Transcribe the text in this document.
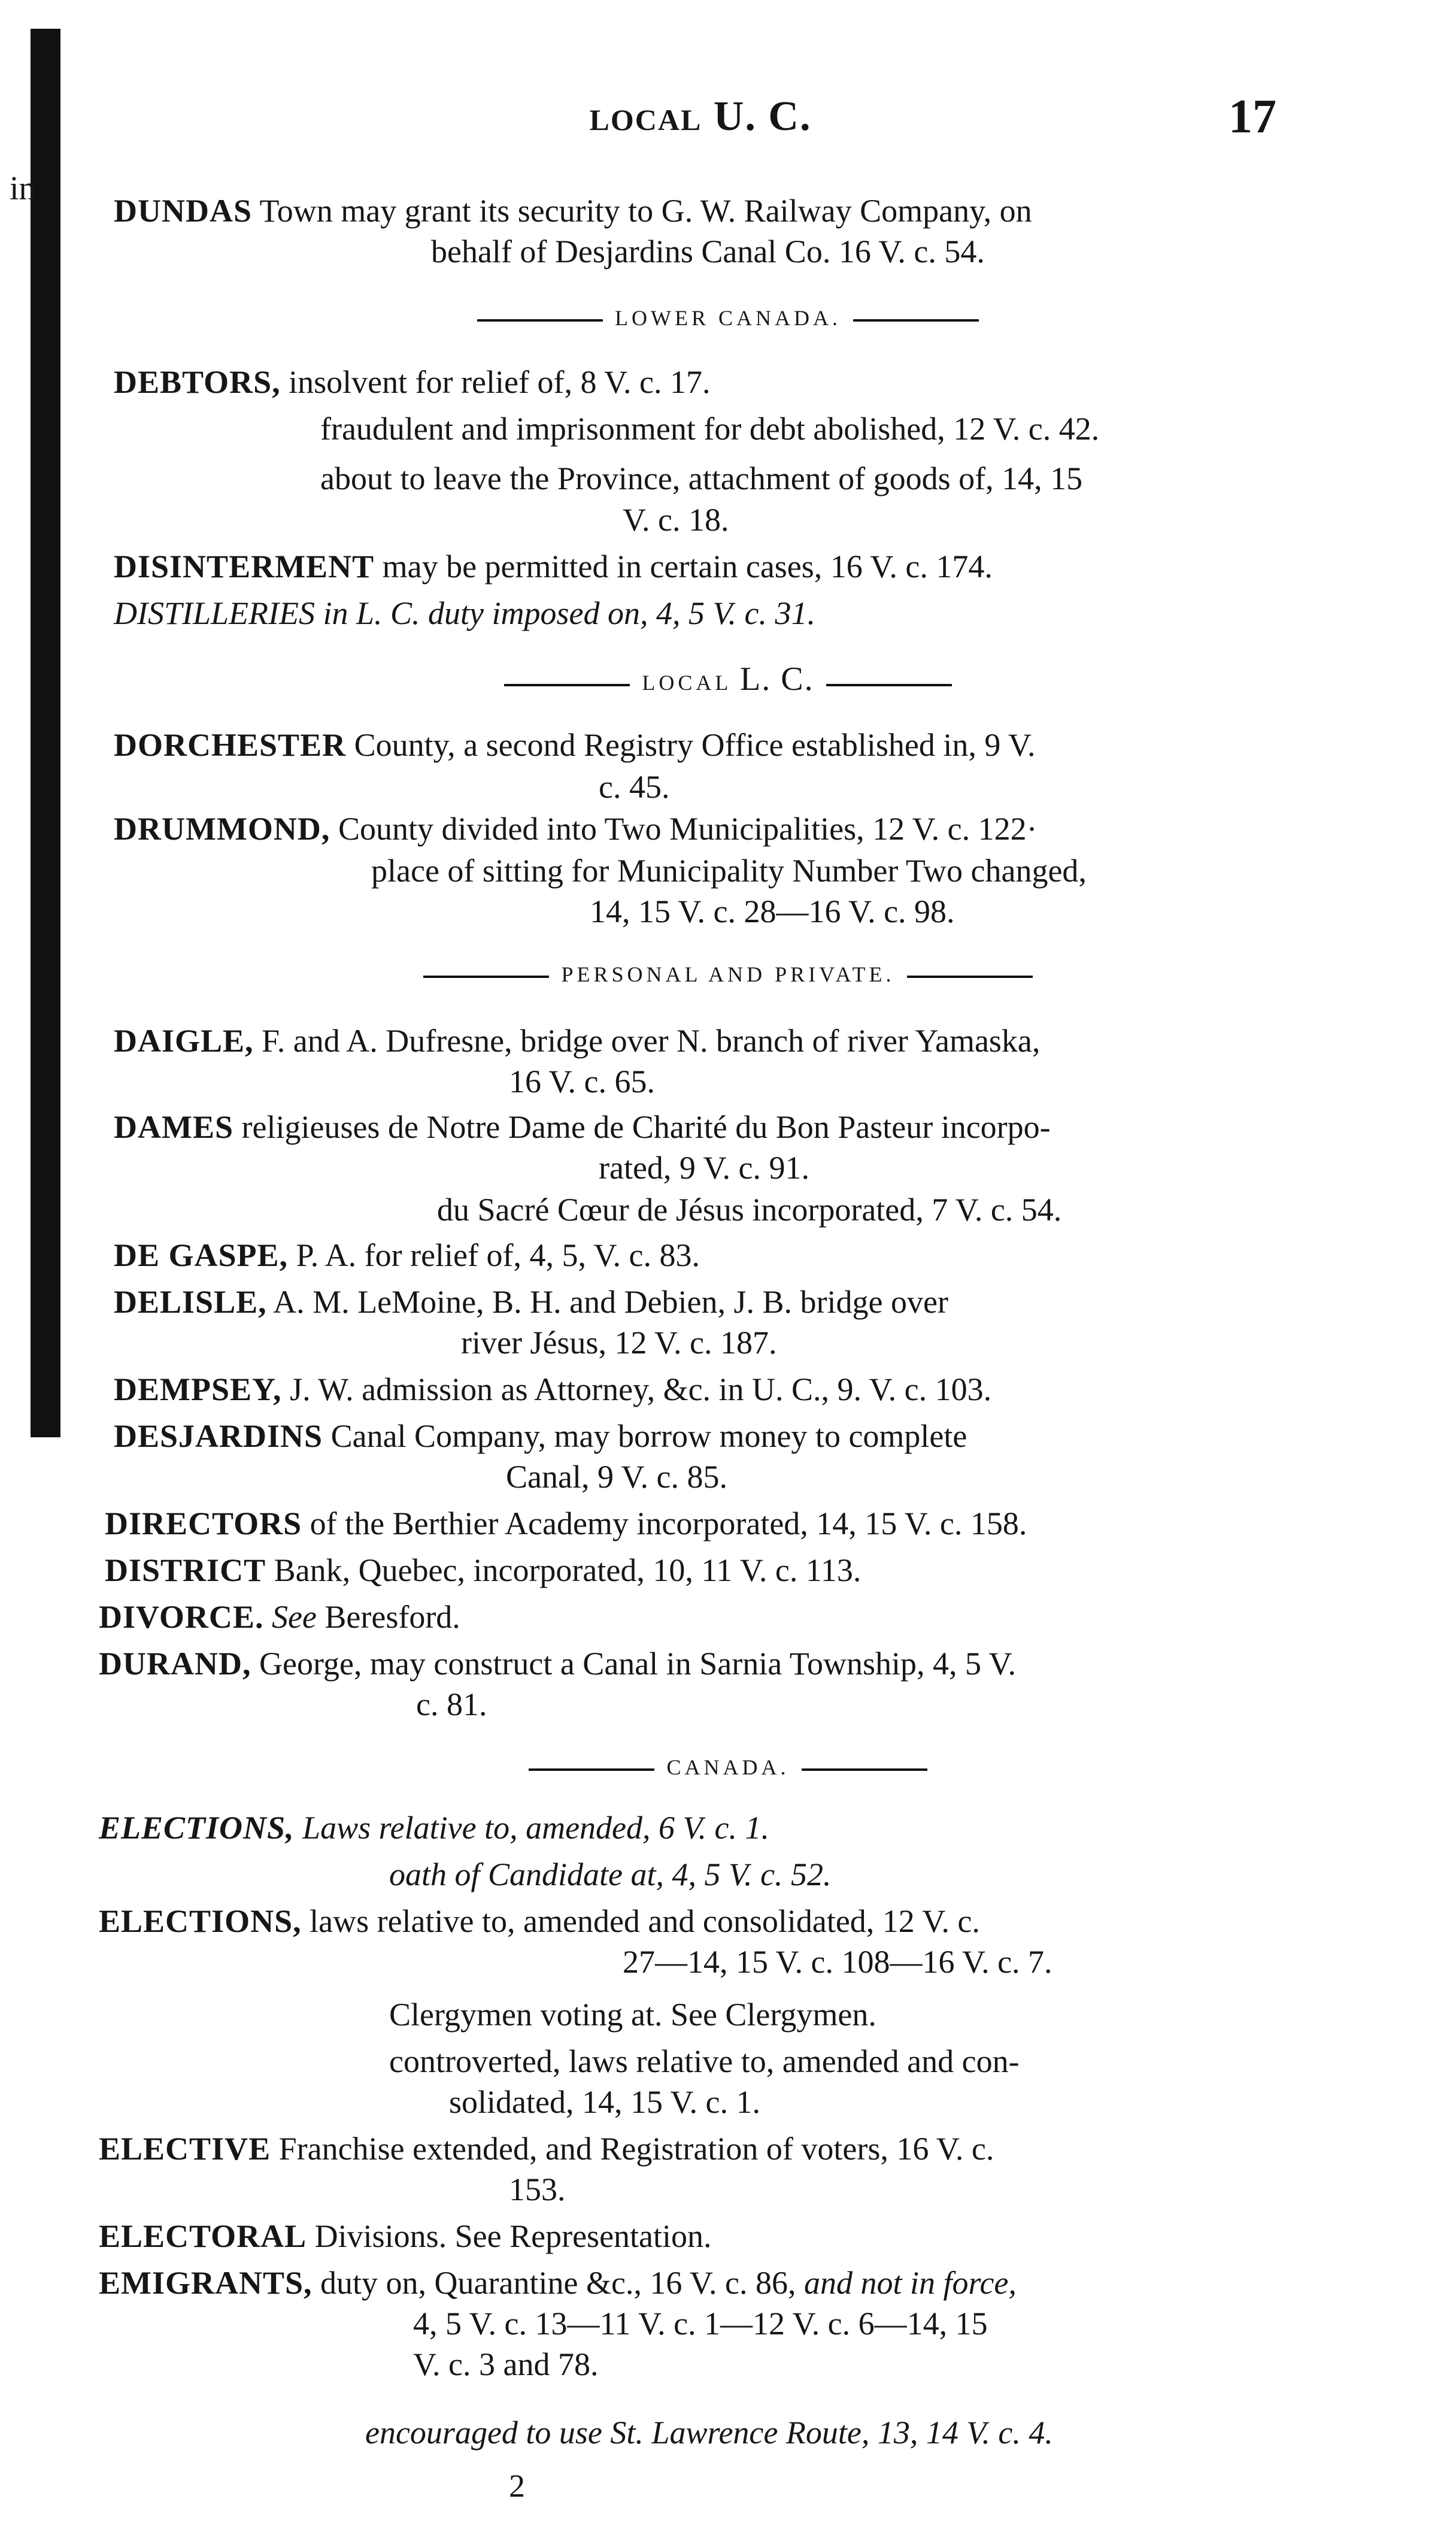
in
LOCAL U. C.	17
DUNDAS Town may grant its security to G. W. Railway Company, on
behalf of Desjardins Canal Co. 16 V. c. 54.
LOWER CANADA.
DEBTORS, insolvent for relief of, 8 V. c. 17.
fraudulent and imprisonment for debt abolished, 12 V. c. 42.
about to leave the Province, attachment of goods of, 14, 15
V. c. 18.
DISINTERMENT may be permitted in certain cases, 16 V. c. 174.
DISTILLERIES in L. C. duty imposed on, 4, 5 V. c. 31.
LOCAL L. C.
DORCHESTER County, a second Registry Office established in, 9 V.
c. 45.
DRUMMOND, County divided into Two Municipalities, 12 V. c. 122·
place of sitting for Municipality Number Two changed,
14, 15 V. c. 28—16 V. c. 98.
PERSONAL AND PRIVATE.
DAIGLE, F. and A. Dufresne, bridge over N. branch of river Yamaska,
16 V. c. 65.
DAMES religieuses de Notre Dame de Charité du Bon Pasteur incorpo-
rated, 9 V. c. 91.
du Sacré Cœur de Jésus incorporated, 7 V. c. 54.
DE GASPE, P. A. for relief of, 4, 5, V. c. 83.
DELISLE, A. M. LeMoine, B. H. and Debien, J. B. bridge over
river Jésus, 12 V. c. 187.
DEMPSEY, J. W. admission as Attorney, &c. in U. C., 9. V. c. 103.
DESJARDINS Canal Company, may borrow money to complete
Canal, 9 V. c. 85.
DIRECTORS of the Berthier Academy incorporated, 14, 15 V. c. 158.
DISTRICT Bank, Quebec, incorporated, 10, 11 V. c. 113.
DIVORCE. See Beresford.
DURAND, George, may construct a Canal in Sarnia Township, 4, 5 V.
c. 81.
CANADA.
ELECTIONS, Laws relative to, amended, 6 V. c. 1.
oath of Candidate at, 4, 5 V. c. 52.
ELECTIONS, laws relative to, amended and consolidated, 12 V. c.
27—14, 15 V. c. 108—16 V. c. 7.
Clergymen voting at. See Clergymen.
controverted, laws relative to, amended and con-
solidated, 14, 15 V. c. 1.
ELECTIVE Franchise extended, and Registration of voters, 16 V. c.
153.
ELECTORAL Divisions. See Representation.
EMIGRANTS, duty on, Quarantine &c., 16 V. c. 86, and not in force,
4, 5 V. c. 13—11 V. c. 1—12 V. c. 6—14, 15
V. c. 3 and 78.
encouraged to use St. Lawrence Route, 13, 14 V. c. 4.
2
